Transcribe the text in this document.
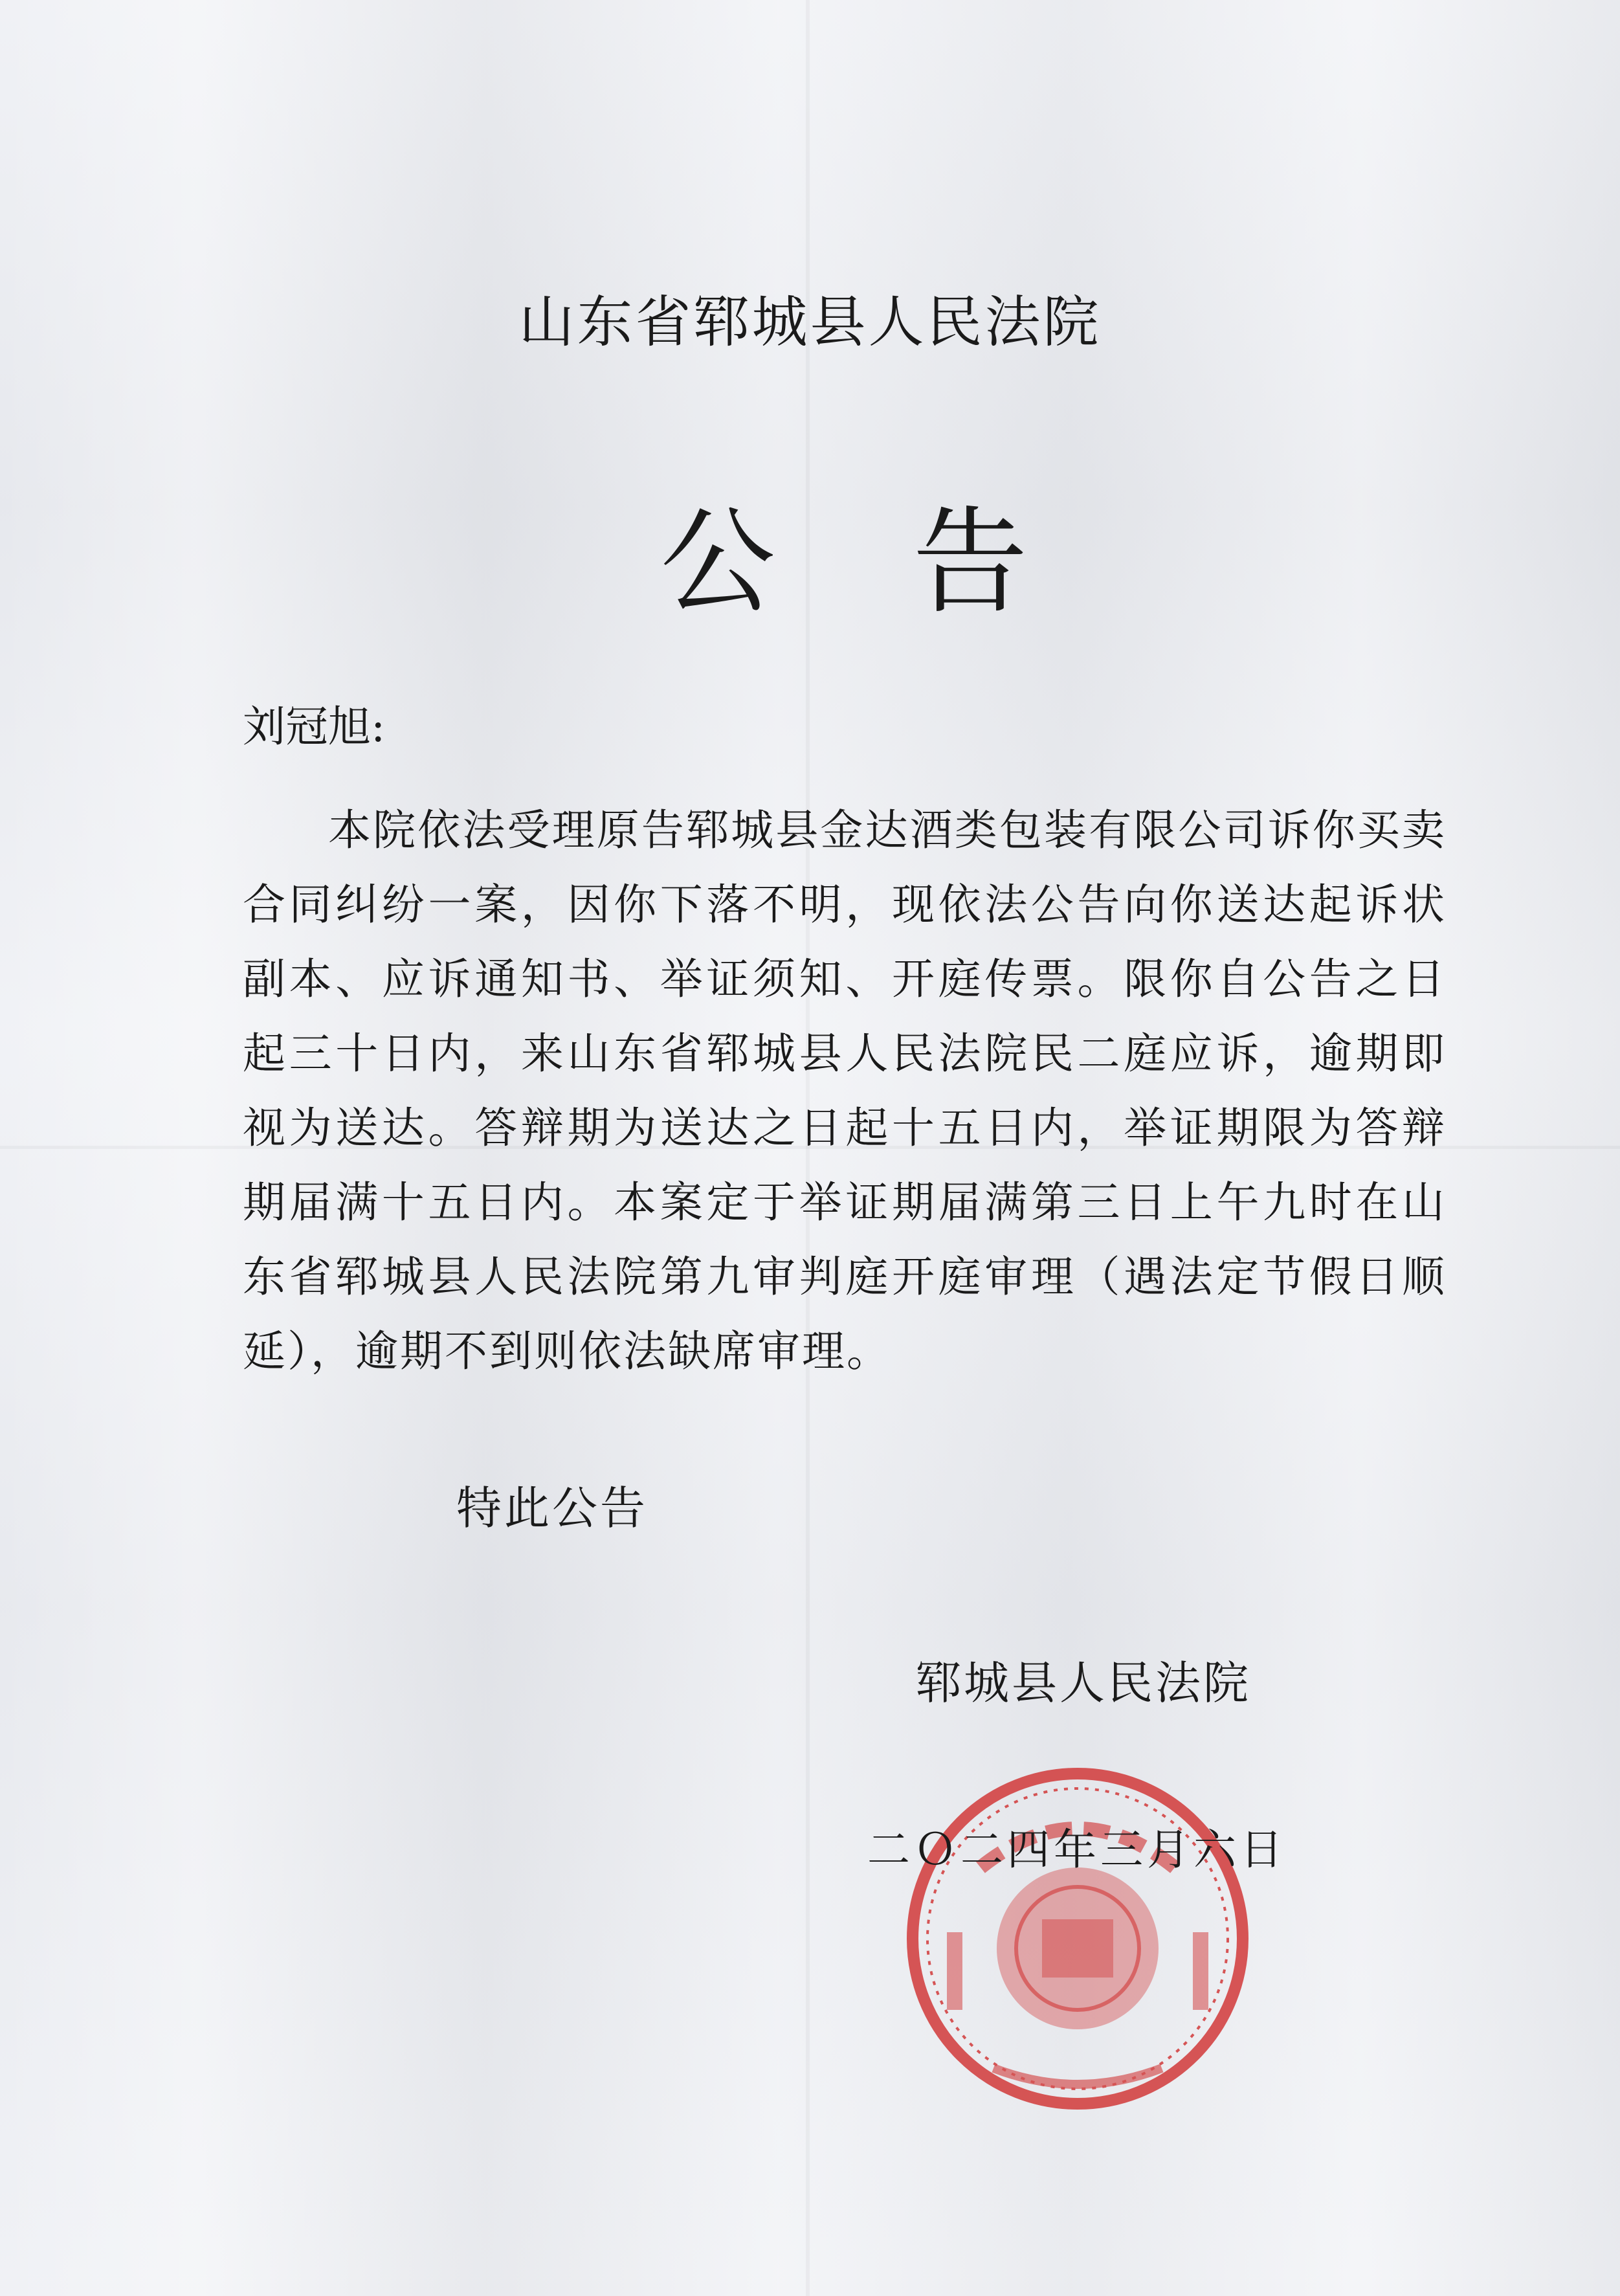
山东省郓城县人民法院
公 告
刘冠旭:
本院依法受理原告郓城县金达酒类包装有限公司诉你买卖合同纠纷一案，因你下落不明，现依法公告向你送达起诉状副本、应诉通知书、举证须知、开庭传票。限你自公告之日起三十日内，来山东省郓城县人民法院民二庭应诉，逾期即视为送达。答辩期为送达之日起十五日内，举证期限为答辩期届满十五日内。本案定于举证期届满第三日上午九时在山东省郓城县人民法院第九审判庭开庭审理（遇法定节假日顺延），逾期不到则依法缺席审理。
特此公告
郓城县人民法院
二Ｏ二四年三月六日
